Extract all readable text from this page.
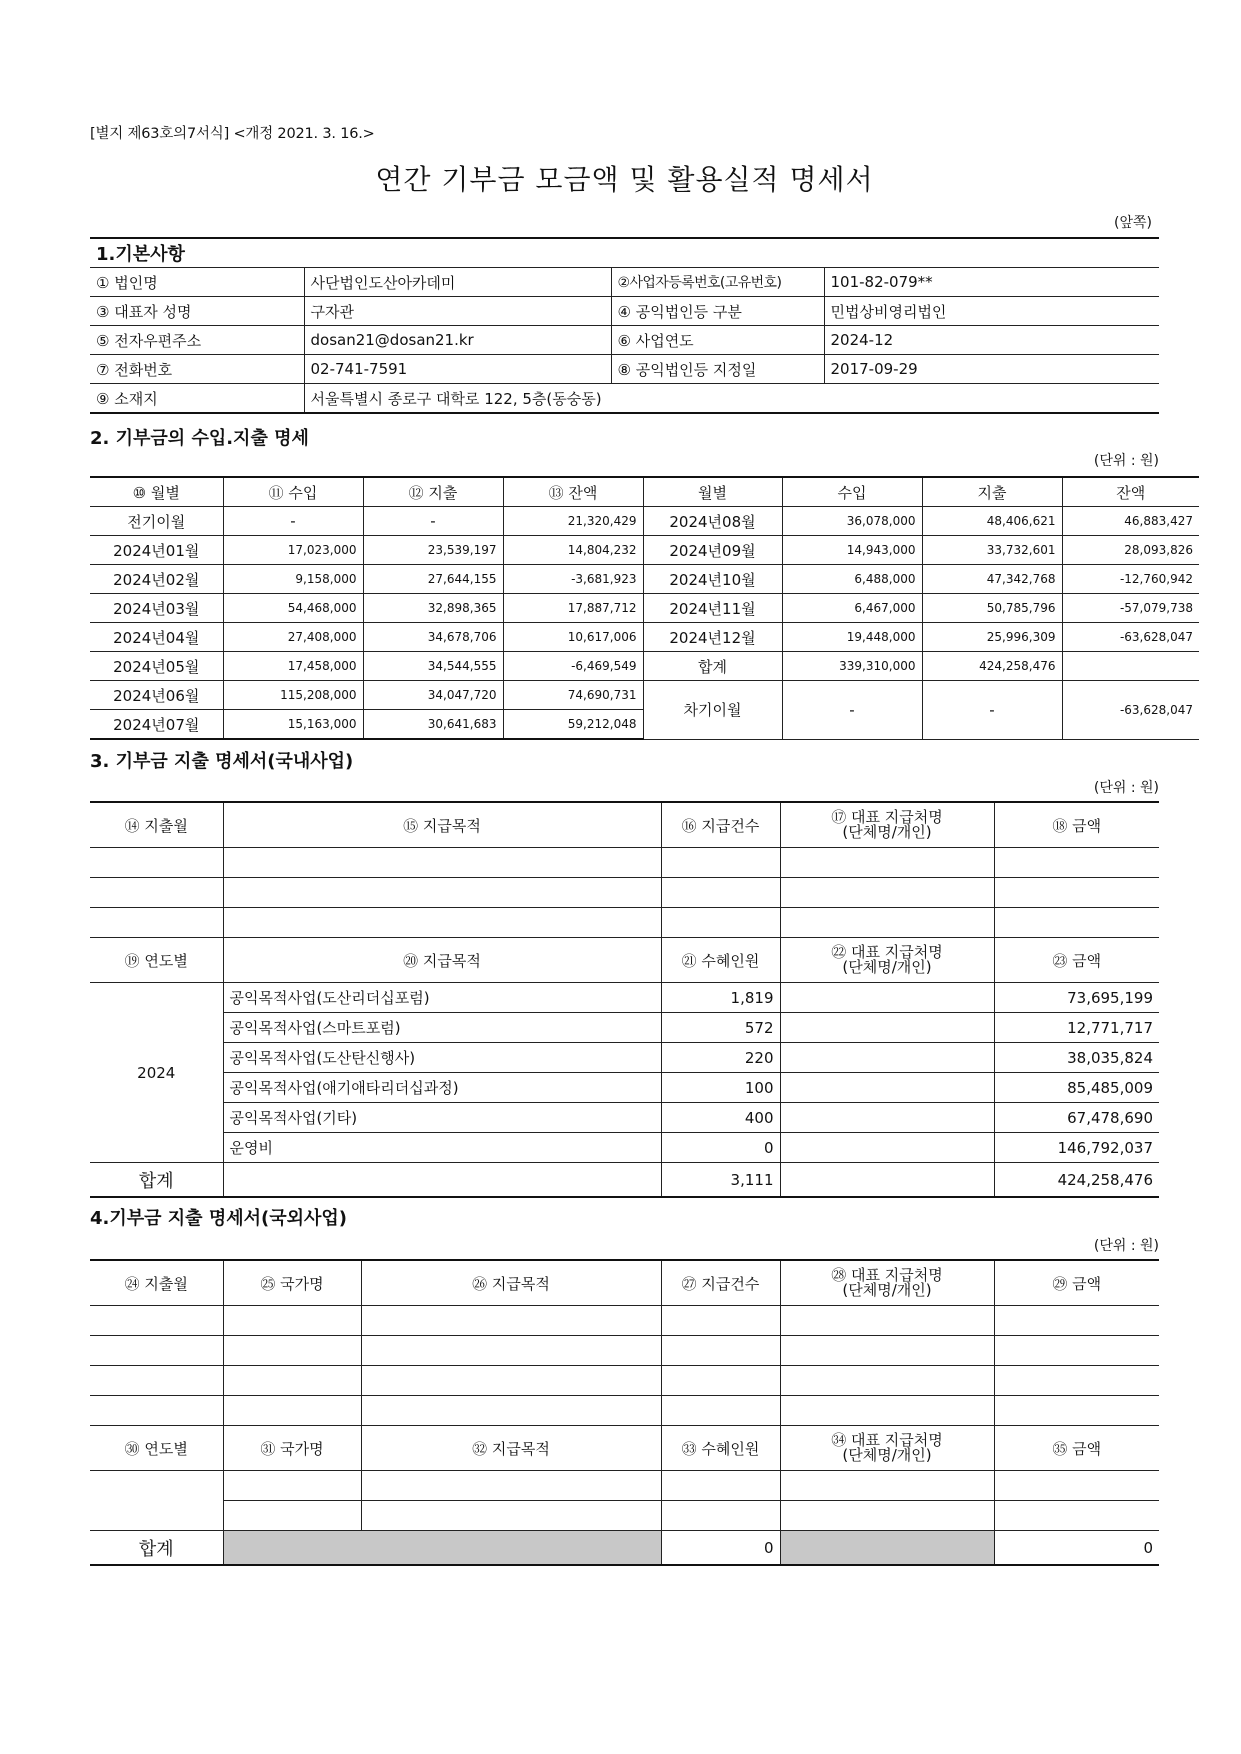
[별지 제63호의7서식] <개정 2021. 3. 16.>
연간 기부금 모금액 및 활용실적 명세서
(앞쪽)
1.기본사항			
① 법인명	사단법인도산아카데미	②사업자등록번호(고유번호)	101-82-079**
③ 대표자 성명	구자관	④ 공익법인등 구분	민법상비영리법인
⑤ 전자우편주소	dosan21@dosan21.kr	⑥ 사업연도	2024-12
⑦ 전화번호	02-741-7591	⑧ 공익법인등 지정일	2017-09-29
⑨ 소재지	서울특별시 종로구 대학로 122, 5층(동숭동)		
2. 기부금의 수입.지출 명세
(단위 : 원)
⑩ 월별	⑪ 수입	⑫ 지출	⑬ 잔액	월별	수입	지출	잔액
전기이월	-	-	21,320,429	2024년08월	36,078,000	48,406,621	46,883,427
2024년01월	17,023,000	23,539,197	14,804,232	2024년09월	14,943,000	33,732,601	28,093,826
2024년02월	9,158,000	27,644,155	-3,681,923	2024년10월	6,488,000	47,342,768	-12,760,942
2024년03월	54,468,000	32,898,365	17,887,712	2024년11월	6,467,000	50,785,796	-57,079,738
2024년04월	27,408,000	34,678,706	10,617,006	2024년12월	19,448,000	25,996,309	-63,628,047
2024년05월	17,458,000	34,544,555	-6,469,549	합계	339,310,000	424,258,476	
2024년06월	115,208,000	34,047,720	74,690,731	차기이월	-	-	-63,628,047
2024년07월	15,163,000	30,641,683	59,212,048				
3. 기부금 지출 명세서(국내사업)
(단위 : 원)
⑭ 지출월	⑮ 지급목적	⑯ 지급건수	⑰ 대표 지급처명
(단체명/개인)	⑱ 금액

⑲ 연도별	⑳ 지급목적	㉑ 수혜인원	㉒ 대표 지급처명
(단체명/개인)	㉓ 금액
2024	공익목적사업(도산리더십포럼)	1,819		73,695,199
	공익목적사업(스마트포럼)	572		12,771,717
	공익목적사업(도산탄신행사)	220		38,035,824
	공익목적사업(애기애타리더십과정)	100		85,485,009
	공익목적사업(기타)	400		67,478,690
	운영비	0		146,792,037
합계		3,111		424,258,476
4.기부금 지출 명세서(국외사업)
(단위 : 원)
㉔ 지출월	㉕ 국가명	㉖ 지급목적	㉗ 지급건수	㉘ 대표 지급처명
(단체명/개인)	㉙ 금액

㉚ 연도별	㉛ 국가명	㉜ 지급목적	㉝ 수혜인원	㉞ 대표 지급처명
(단체명/개인)	㉟ 금액

합계			0		0
